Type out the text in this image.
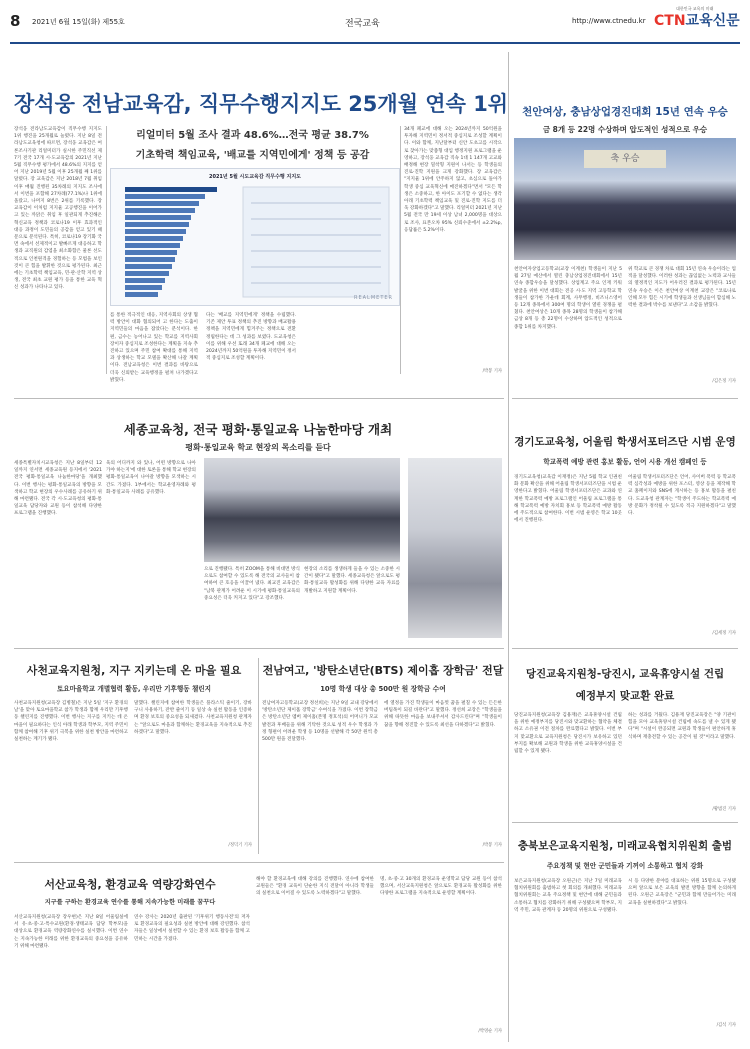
8 2021년 6월 15일(화) 제55호	전국교육	http://www.ctnedu.kr
대한민국 교육의 미래
CTN교육신문
장석웅 전남교육감, 직무수행지지도 25개월 연속 1위
장석웅 전라남도교육감이 직무수행 지지도 1위 행진을 25개월로 늘렸다. 지난 8일 전라남도교육청에 따르면, 장석웅 교육감은 여론조사기관 리얼미터가 실시한 주민직선 제7기 전국 17개 시·도교육감의 2021년 지난 5월 직무수행 평가에서 48.6%의 지지를 얻어 지난 2019년 5월 이후 25개월 째 1위를 달렸다. 장 교육감은 지난 2018년 7월 취임 이후 매월 진행된 35차례의 지지도 조사에서 이번을 포함해 27차례(77.1%)나 1위에 올랐고, 나머지 8번은 2위를 기록했다. 장 교육감이 이처럼 지지율 고공행진을 이어가고 있는 까닭은 취임 후 일관되게 추진해온 혁신교육 정책과 코로나19 이후 효과적인 대응 과정이 도민들의 공감을 얻고 있기 때문으로 분석된다. 특히, 코로나19 장기화 국면 속에서 선제적이고 발빠르게 대응하고 학생과 교직원의 감염을 최소화함은 물론 선도적으로 인천원격을 경험하는 등 모범을 보인 것이 큰 힘을 발휘한 것으로 평가된다. 최근에는 기초학력 책임교육, 민·관·산학 지역 상생, 전국 최초 교원 평가 등을 통한 교육 혁신 성과가 나타나고 있다.
리얼미터 5월 조사 결과 48.6%…전국 평균 38.7%
기초학력 책임교육, '배교를 지역민에게' 정책 등 공감
2021년 5월 시도교육감 직무수행 지지도
REALMETER
를 통한 적극적인 대응, 지역사회의 상생 협력 방안이 대화 협의되어 고 한다는 도출이 지역민들의 마음을 잡았다는 분석이다. 한편, 금수는 농어나고 있는 학교를 지역사회 장이자 중심지로 조성한다는 계획을 지속 추진하고 있으며 주민 참여 확대를 통해 지역과 상생하는 학교 모델을 확산해 나갈 계획이다. 전남교육청은 이번 결과를 바탕으로 더욱 신뢰받는 교육행정을 펼쳐 나가겠다고 밝혔다.
다는 '배교를 지역민에게' 정책을 수립했다. 기존 제안 투표 정책의 추진 방향과 배교활용 정책을 지역민에게 힘겨주는 정책으로 전환 정립한다는 데 그 성과를 보였다. 도교육청은 이를 위해 우선 또래 34개 폐교에 대해 오는 2024년까지 50억원을 투자해 지역민이 정서적 중심지로 조성할 계획이다.
34개 폐교에 대해 오는 2024년까지 50억원을 투자해 지역민이 정서적 중심지로 조성할 계획이다. 이와 함께, 지난달부터 신안 도초고를 시작으로 찾아가는 맞춤형 대입 행정지원 프로그램을 운영하고, 장석웅 교육감 직속 1대 1 147개 고교와 배정해 현장 밀착형 지원이 나서는 등 학생들의 진로·진학 지원을 크게 강화했다. 장 교육감은 "지지율 1위에 안주하지 않고, 초심으로 돌아가 학생 중심 교육혁신에 매진하겠다"면서 "모든 학생은 소중하고, 한 아이도 포기할 수 없다는 생각 아래 기초학력 책임교육 및 진로·진학 지도를 더욱 강화하겠다"고 말했다. 리얼미터 2021년 지난 5월 전국 만 19세 이상 남녀 2,000명을 대상으로 조사, 표본오차 95% 신뢰수준에서 ±2.2%p, 응답률은 5.2%이다.
/박봉 기자
천안여상, 충남상업경진대회 15년 연속 우승
금 8개 등 22명 수상하며 압도적인 성적으로 우승
축 우승
천안여자상업고등학교(교장 이계천) 학생들이 지난 5월 27일 예산에서 열린 충남상업경진대회에서 15년 연속 종합우승을 달성했다. 상업계고 주요 인재 키워 발굴을 위한 이번 대회는 전공 시·도 지역 고등학교 학생들이 참가한 가운데 회계, 사무행정, 비즈니스영어 등 12개 종목에서 300여 명의 학생이 열띤 경쟁을 펼쳤다. 천안여상은 10개 종목 28명의 학생들이 참가해 금상 8개 등 총 22명이 수상하며 압도적인 성적으로 종합 1위를 차지했다.
위 학교로 큰 경쟁 차로 대회 15년 연속 우승이라는 업적을 달성했다. 이러한 성과는 끊임없는 노력과 교사들의 열정적인 지도가 어우러진 결과로 평가된다. 15년 연속 우승은 이은 천안여상 이계천 교장은 "코로나로 인해 모두 힘든 시기에 학생들과 선생님들이 합심해 노력한 결과에 박수를 보낸다"고 소감을 밝혔다.
/김은정 기자
세종교육청, 전국 평화·통일교육 나눔한마당 개최
평화·통일교육 학교 현장의 목소리를 듣다
세종특별자치시교육청은 지난 8일부터 12일까지 연서면 세종교육원 등지에서 '2021 전국 평화·통일교육 나눔한마당'을 개최했다. 이번 행사는 평화·통일교육의 방향을 모색하고 학교 현장의 우수사례를 공유하기 위해 마련됐다. 전국 각 시·도교육청의 평화·통일교육 담당자와 교원 등이 참석해 다양한 프로그램을 진행했다.
육의 어디까지 와 있나, 어떤 방향으로 나아가야 하는지'에 대한 토론을 통해 학교 현장의 평화·통일교육이 나아갈 방향을 모색하는 시간도 가졌다. 1부에서는 학교운영자례와 평화·통일교육 사례를 공유했다.
으로 진행됐다. 특히 ZOOM을 통해 비대면 방식으로도 참여할 수 있도록 해 전국의 교사들이 참여하여 큰 호응을 이끌어 냈다. 최교진 교육감은 "남북 관계가 어려운 이 시기에 평화·통일교육의 중요성은 더욱 커지고 있다"고 강조했다.
현장의 소리를 생생하게 들을 수 있는 소중한 시간이 됐다"고 말했다. 세종교육청은 앞으로도 평화·통일교육 활성화를 위해 다양한 교육 자료를 개발하고 지원할 계획이다.
경기도교육청, 어울림 학생서포터즈단 시범 운영
학교폭력 예방 관련 홍보 활동, 언어 시용 개선 캠페인 등
경기도교육청(교육감 이재정)은 지난 5월 학교 인권친화 문화 확산을 위해 어울림 학생서포터즈단을 시범 운영한다고 밝혔다. 어울림 학생서포터즈단은 교과와 연계한 학교폭력 예방 프로그램인 어울림 프로그램을 통해 학교폭력 예방 자치회 홍보 등 학교폭력 예방 활동에 주도적으로 참여한다. 이번 시범 운영은 학교 10곳에서 진행된다.
어울림 학생서포터즈단은 언어, 사이버 폭력 등 학교폭력 심각성과 예방을 위한 포스터, 영상 등을 제작해 학교 홈페이지와 SNS에 게시하는 등 홍보 활동을 펼친다. 도교육청 관계자는 "학생이 주도하는 학교폭력 예방 문화가 정착될 수 있도록 적극 지원하겠다"고 말했다.
/김세정 기자
사천교육지원청, 지구 지키는데 온 마을 필요
토요마을학교 개별협력 활동, 우리만 기후행동 챌린지
사천교육지원청(교육장 김병철)은 지난 5일 '지구 환경의 날'을 맞아 토요마을학교 참가 학생과 함께 우리만 기후행동 챌린지를 진행했다. 이번 행사는 지구를 지키는 데 온 마을이 필요하다는 인식 아래 학생과 학부모, 지역 주민이 함께 참여해 기후 위기 극복을 위한 실천 방안을 마련하고 실천하는 계기가 됐다.
말했다. 챌린지에 참여한 학생들은 플라스틱 줄이기, 장바구니 사용하기, 잔반 줄이기 등 일상 속 실천 활동을 인증하며 환경 보호의 중요성을 되새겼다. 사천교육지원청 관계자는 "앞으로도 마을과 함께하는 환경교육을 지속적으로 추진하겠다"고 말했다.
/정덕기 기자
전남여고, '방탄소년단(BTS) 제이홉 장학금' 전달
10명 학생 대상 총 500만 원 장학금 수여
전남여자고등학교(교장 정선희)는 지난 9일 교내 강당에서 '방탄소년단 제이홉 장학금' 수여식을 가졌다. 이번 장학금은 방탄소년단 멤버 제이홉(본명 정호석)의 어머니가 모교 발전과 후배들을 위해 기탁한 것으로 성적 우수 학생과 가정 형편이 어려운 학생 등 10명을 선발해 각 50만 원씩 총 500만 원을 전달했다.
에 열정을 가진 학생들이 마음껏 꿈을 펼칠 수 있는 든든한 버팀목이 되길 바란다"고 말했다. 정선희 교장은 "학생들을 위해 따뜻한 마음을 보내주셔서 감사드린다"며 "학생들이 꿈을 향해 정진할 수 있도록 최선을 다하겠다"고 밝혔다.
/박봉 기자
당진교육지원청-당진시, 교육휴양시설 건립
예정부지 맞교환 완료
당진교육지원청(교육장 김용재)은 교육휴양시설 건립을 위한 예정부지를 당진시와 맞교환하는 협약을 체결하고 소유권 이전 절차를 완료했다고 밝혔다. 이번 부지 맞교환으로 교육지원청은 당진시가 보유하고 있던 부지를 확보해 교원과 학생을 위한 교육휴양시설을 건립할 수 있게 됐다.
하는 성과를 거뒀다. 김용재 당진교육장은 "양 기관이 힘을 모아 교육휴양시설 건립에 속도를 낼 수 있게 됐다"며 "시설이 완공되면 교원과 학생들이 편안하게 휴식하며 재충전할 수 있는 공간이 될 것"이라고 말했다.
/황범진 기자
충북보은교육지원청, 미래교육협치위원회 출범
주요정책 및 현안 군민들과 기꺼이 소통하고 협치 강화
보은교육지원청(교육장 오원근)은 지난 7일 미래교육협치위원회를 출범하고 첫 회의를 개최했다. 미래교육협치위원회는 교육 주요정책 및 현안에 대해 군민들과 소통하고 협치를 강화하기 위해 구성됐으며 학부모, 지역 주민, 교육 관계자 등 20명의 위원으로 구성됐다.
시 등 다양한 분야를 대표하는 위원 15명으로 구성됐으며 앞으로 보은 교육의 발전 방향을 함께 논의하게 된다. 오원근 교육장은 "군민과 함께 만들어가는 미래교육을 실현하겠다"고 밝혔다.
/김석 기자
서산교육청, 환경교육 역량강화연수
지구를 구하는 환경교육 연수를 통해 지속가능한 미래를 꿈꾸다
서산교육지원청(교육장 장우현)은 지난 8일 어울림실에서 유·초·중·고·특수교원(환경·생태교육 담당 학부모)을 대상으로 환경교육 역량강화연수를 실시했다. 이번 연수는 지속가능한 미래를 위한 환경교육의 중요성을 공유하기 위해 마련됐다.
연수 강사는 2020년 출판된 '기후위기 행동사전'의 저자로 환경교육의 필요성과 실천 방안에 대해 강연했다. 참석자들은 일상에서 실천할 수 있는 환경 보호 활동을 함께 고민하는 시간을 가졌다.
해야 할 환경교육에 대해 강의를 진행했다. 연수에 참여한 교원들은 "환경 교육이 단순한 지식 전달이 아니라 학생들의 실천으로 이어질 수 있도록 노력하겠다"고 말했다.
명, 초·중·고 30개의 환경교육 운영학교 담당 교원 등이 참석했으며, 서산교육지원청은 앞으로도 환경교육 활성화를 위한 다양한 프로그램을 지속적으로 운영할 계획이다.
/박영순 기자
